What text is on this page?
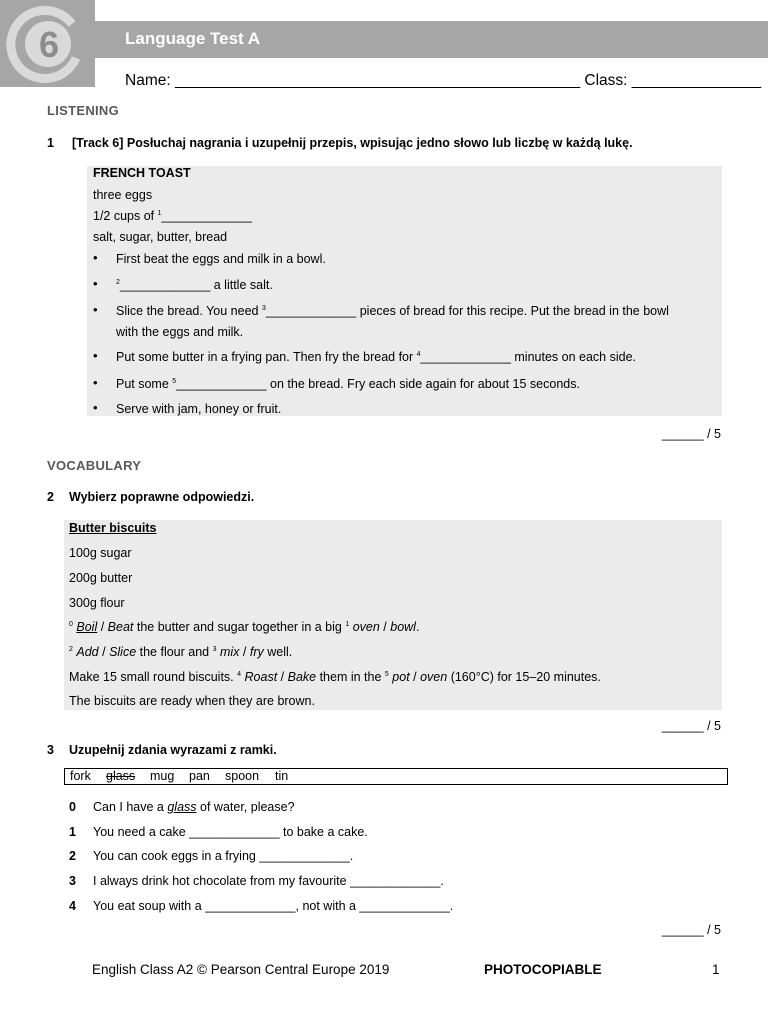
6	Language Test A
Name: _______________________________________________ Class: _______________
LISTENING
1 [Track 6] Posłuchaj nagrania i uzupełnij przepis, wpisując jedno słowo lub liczbę w każdą lukę.
FRENCH TOAST
three eggs
1/2 cups of $^1$_____________
salt, sugar, butter, bread
• First beat the eggs and milk in a bowl.
•	$^2$_____________ a little salt.
• Slice the bread. You need $^3$_____________ pieces of bread for this recipe. Put the bread in the bowl
with the eggs and milk.
• Put some butter in a frying pan. Then fry the bread for $^4$_____________ minutes on each side.
• Put some $^5$_____________ on the bread. Fry each side again for about 15 seconds.
• Serve with jam, honey or fruit.
______ / 5
VOCABULARY
2 Wybierz poprawne odpowiedzi.
Butter biscuits
100g sugar
200g butter
300g flour
$^0$ Boil / Beat the butter and sugar together in a big $^1$ oven / bowl.
$^2$ Add / Slice the flour and $^3$ mix / fry well.
Make 15 small round biscuits. $^4$ Roast / Bake them in the $^5$ pot / oven (160°C) for 15–20 minutes.
The biscuits are ready when they are brown.
______ / 5
3 Uzupełnij zdania wyrazami z ramki.
fork glass mug pan spoon tin
0 Can I have a glass of water, please?
1 You need a cake _____________ to bake a cake.
2 You can cook eggs in a frying _____________.
3 I always drink hot chocolate from my favourite _____________.
4 You eat soup with a _____________, not with a _____________.
______ / 5
English Class A2 © Pearson Central Europe 2019	PHOTOCOPIABLE	1
